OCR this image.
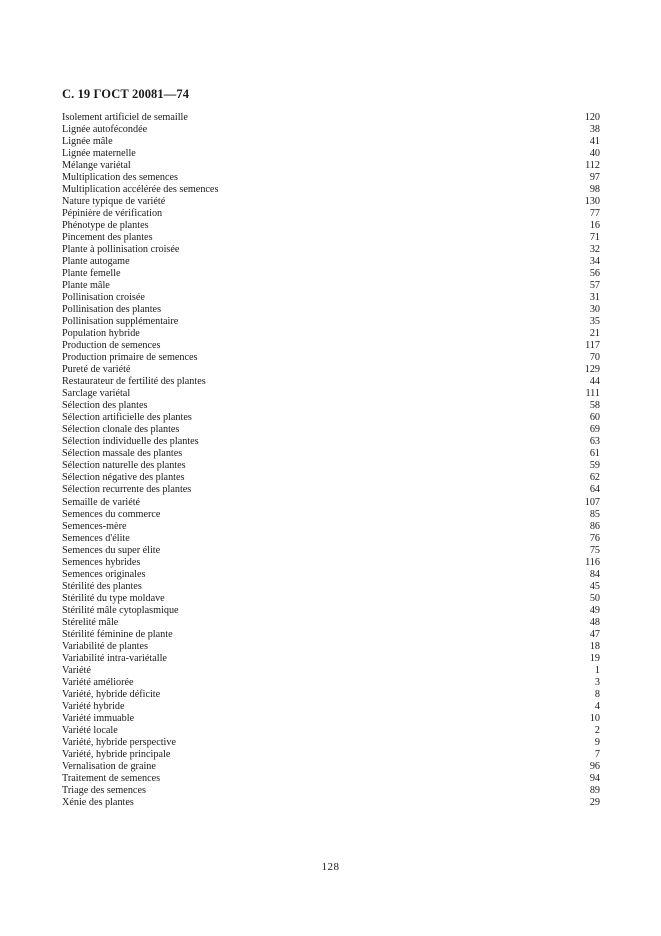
С. 19 ГОСТ 20081—74
Isolement artificiel de semaille	120
Lignée autofécondée	38
Lignée mâle	41
Lignée maternelle	40
Mélange variétal	112
Multiplication des semences	97
Multiplication accélérée des semences	98
Nature typique de variété	130
Pépinière de vérification	77
Phénotype de plantes	16
Pincement des plantes	71
Plante à pollinisation croisée	32
Plante autogame	34
Plante femelle	56
Plante mâle	57
Pollinisation croisée	31
Pollinisation des plantes	30
Pollinisation supplémentaire	35
Population hybride	21
Production de semences	117
Production primaire de semences	70
Pureté de variété	129
Restaurateur de fertilité des plantes	44
Sarclage variétal	111
Sélection des plantes	58
Sélection artificielle des plantes	60
Sélection clonale des plantes	69
Sélection individuelle des plantes	63
Sélection massale des plantes	61
Sélection naturelle des plantes	59
Sélection négative des plantes	62
Sélection recurrente des plantes	64
Semaille de variété	107
Semences du commerce	85
Semences-mère	86
Semences d'élite	76
Semences du super élite	75
Semences hybrides	116
Semences originales	84
Stérilité des plantes	45
Stérilité du type moldave	50
Stérilité mâle cytoplasmique	49
Stérelité mâle	48
Stérilité féminine de plante	47
Variabilité de plantes	18
Variabilité intra-variétalle	19
Variété	1
Variété améliorée	3
Variété, hybride déficite	8
Variété hybride	4
Variété immuable	10
Variété locale	2
Variété, hybride perspective	9
Variété, hybride principale	7
Vernalisation de graine	96
Traitement de semences	94
Triage des semences	89
Xénie des plantes	29
128
